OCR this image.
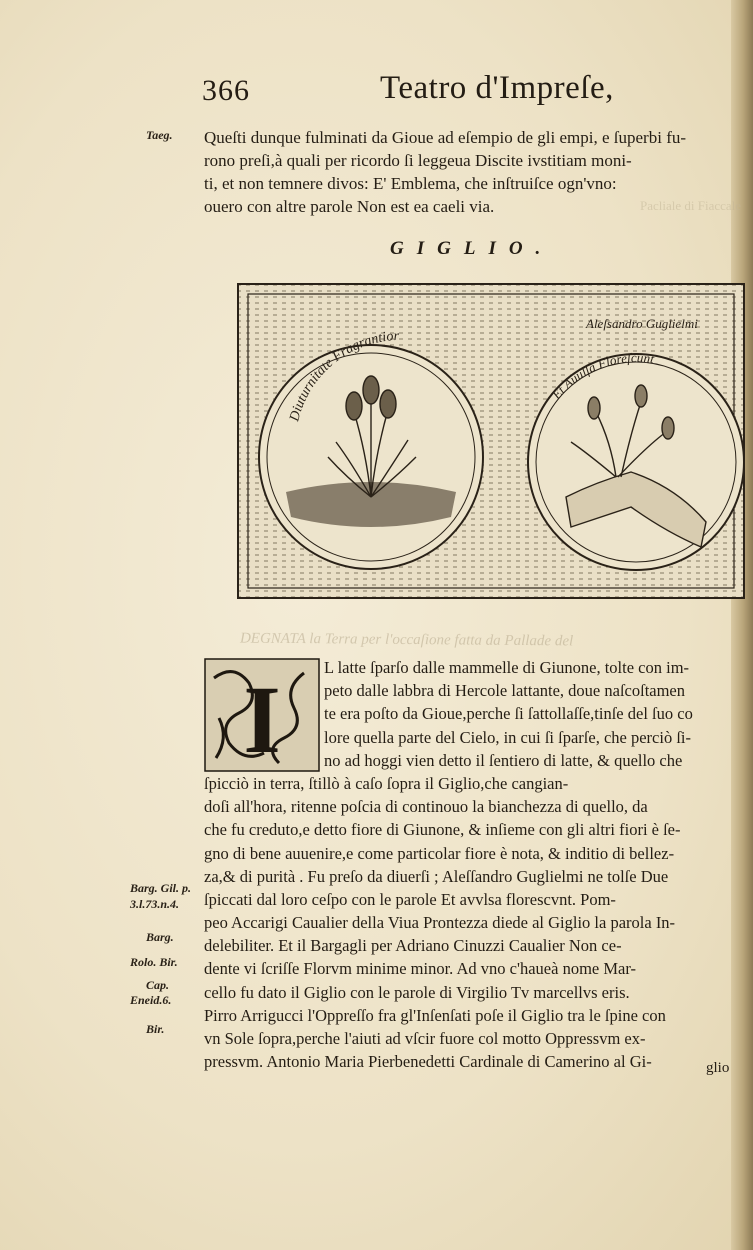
366	Teatro d'Impreſe,
Taeg.
Barg. Gil. p.
3.l.73.n.4.
Barg.
Rolo. Bir.
Cap.
Eneid.6.
Bir.
Queſti dunque fulminati da Gioue ad eſempio de gli empi, e ſuperbi fu-
rono preſi,à quali per ricordo ſi leggeua Discite ivstitiam moni-
ti, et non temnere divos: E' Emblema, che inſtruiſce ogn'vno:
ouero con altre parole Non est ea caeli via.	Pacliale di Fiaccale
GIGLIO.
Diuturnitate Fragrantior
Et Auulſa Floreſcunt
Aleſsandro Guglielmi
DEGNATA la Terra per l'occaſione fatta da Pallade del
I	L latte ſparſo dalle mammelle di Giunone, tolte con im-
peto dalle labbra di Hercole lattante, doue naſcoſtamen
te era poſto da Gioue,perche ſi ſattollaſſe,tinſe del ſuo co
lore quella parte del Cielo, in cui ſi ſparſe, che perciò ſi-
no ad hoggi vien detto il ſentiero di latte, & quello che
ſpicciò in terra, ſtillò à caſo ſopra il Giglio,che cangian-
doſi all'hora, ritenne poſcia di continouo la bianchezza di quello, da
che fu creduto,e detto fiore di Giunone, & inſieme con gli altri fiori è ſe-
gno di bene auuenire,e come particolar fiore è nota, & inditio di bellez-
za,& di purità . Fu preſo da diuerſi ; Aleſſandro Guglielmi ne tolſe Due
ſpiccati dal loro ceſpo con le parole Et avvlsa florescvnt. Pom-
peo Accarigi Caualier della Viua Prontezza diede al Giglio la parola In-
delebiliter. Et il Bargagli per Adriano Cinuzzi Caualier Non ce-
dente vi ſcriſſe Florvm minime minor. Ad vno c'haueà nome Mar-
cello fu dato il Giglio con le parole di Virgilio Tv marcellvs eris.
Pirro Arrigucci l'Oppreſſo fra gl'Inſenſati poſe il Giglio tra le ſpine con
vn Sole ſopra,perche l'aiuti ad vſcir fuore col motto Oppressvm ex-
pressvm. Antonio Maria Pierbenedetti Cardinale di Camerino al Gi-	glio
